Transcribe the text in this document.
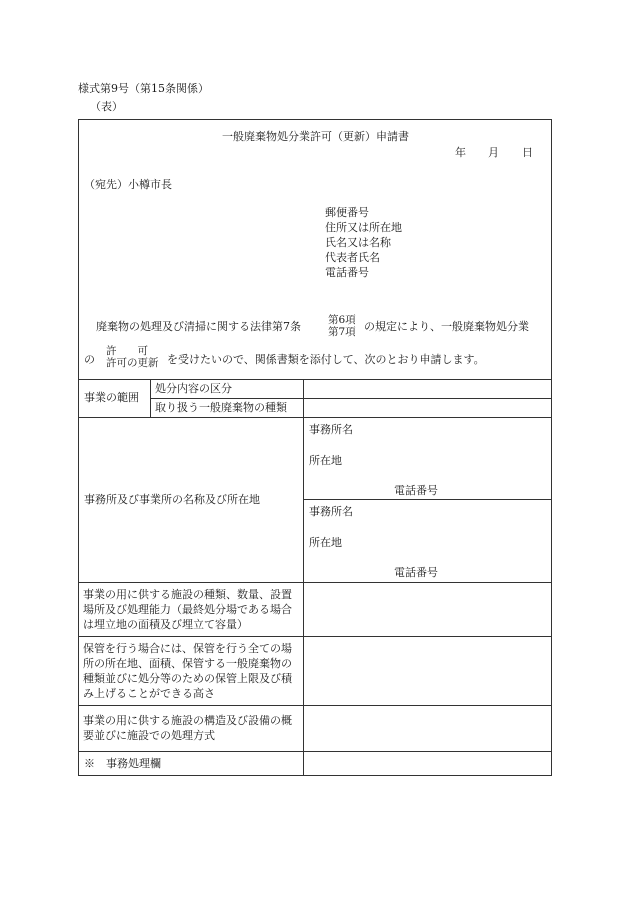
様式第9号（第15条関係）
（表）
一般廃棄物処分業許可（更新）申請書
年 月 日
（宛先）小樽市長
郵便番号
住所又は所在地
氏名又は名称
代表者氏名
電話番号
廃棄物の処理及び清掃に関する法律第7条	第6項
第7項 の規定により、一般廃棄物処分業
の
許　　可
許可の更新 を受けたいので、関係書類を添付して、次のとおり申請します。
事業の範囲
処分内容の区分
取り扱う一般廃棄物の種類
事務所及び事業所の名称及び所在地
事務所名
所在地
電話番号
事務所名
所在地
電話番号
事業の用に供する施設の種類、数量、設置場所及び処理能力（最終処分場である場合は埋立地の面積及び埋立て容量）
保管を行う場合には、保管を行う全ての場所の所在地、面積、保管する一般廃棄物の種類並びに処分等のための保管上限及び積み上げることができる高さ
事業の用に供する施設の構造及び設備の概要並びに施設での処理方式
※　事務処理欄
